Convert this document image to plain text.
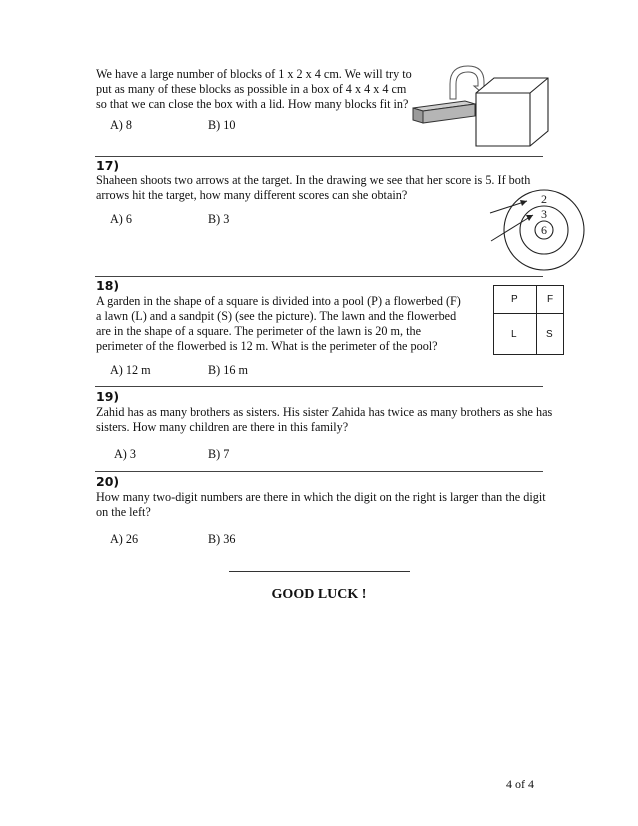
We have a large number of blocks of 1 x 2 x 4 cm. We will try to
put as many of these blocks as possible in a box of 4 x 4 x 4 cm
so that we can close the box with a lid. How many blocks fit in?
A) 8	B) 10
17)
Shaheen shoots two arrows at the target. In the drawing we see that her score is 5. If both
arrows hit the target, how many different scores can she obtain?
A) 6	B) 3
2
3
6
18)
A garden in the shape of a square is divided into a pool (P) a flowerbed (F)
a lawn (L) and a sandpit (S) (see the picture). The lawn and the flowerbed
are in the shape of a square. The perimeter of the lawn is 20 m, the
perimeter of the flowerbed is 12 m. What is the perimeter of the pool?
A) 12 m	B) 16 m
P	F
L	S
19)
Zahid has as many brothers as sisters. His sister Zahida has twice as many brothers as she has
sisters. How many children are there in this family?
A) 3	B) 7
20)
How many two-digit numbers are there in which the digit on the right is larger than the digit
on the left?
A) 26	B) 36
GOOD LUCK !
4 of 4
